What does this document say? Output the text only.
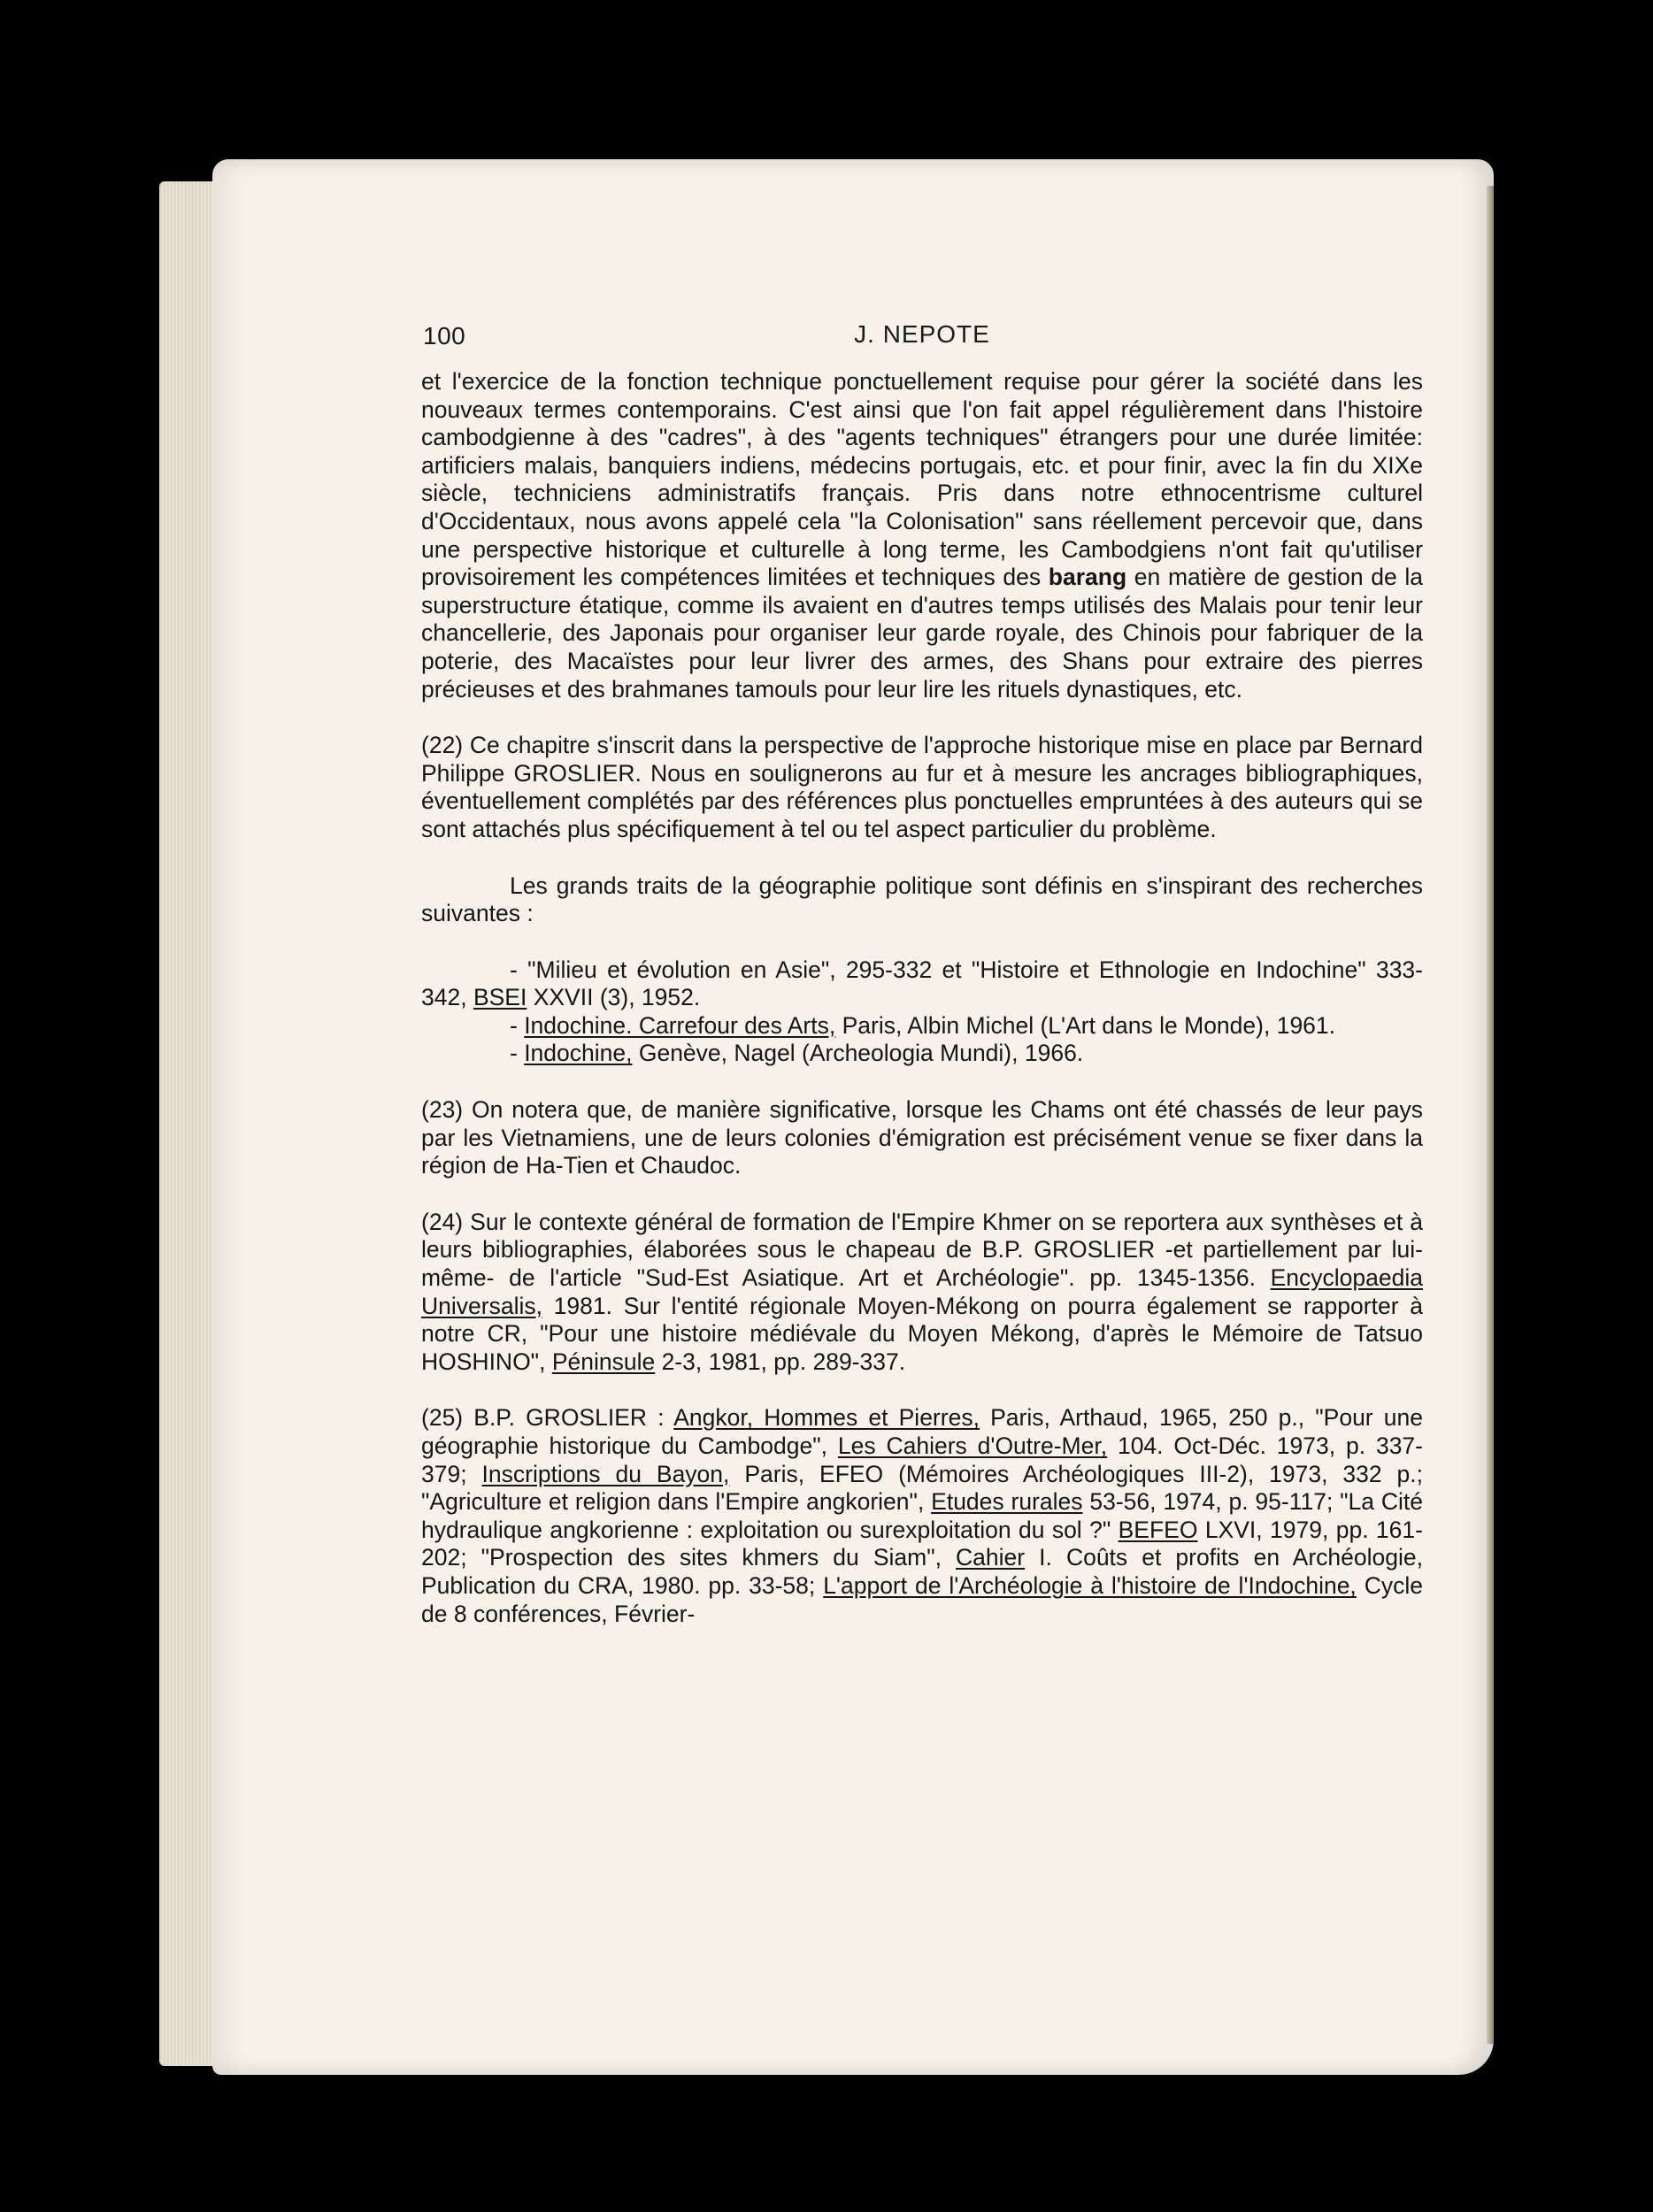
100	J. NEPOTE

et l'exercice de la fonction technique ponctuellement requise pour gérer la société dans les nouveaux termes contemporains. C'est ainsi que l'on fait appel régulièrement dans l'histoire cambodgienne à des "cadres", à des "agents techniques" étrangers pour une durée limitée: artificiers malais, banquiers indiens, médecins portugais, etc. et pour finir, avec la fin du XIXe siècle, techniciens administratifs français. Pris dans notre ethnocentrisme culturel d'Occidentaux, nous avons appelé cela "la Colonisation" sans réellement percevoir que, dans une perspective historique et culturelle à long terme, les Cambodgiens n'ont fait qu'utiliser provisoirement les compétences limitées et techniques des barang en matière de gestion de la superstructure étatique, comme ils avaient en d'autres temps utilisés des Malais pour tenir leur chancellerie, des Japonais pour organiser leur garde royale, des Chinois pour fabriquer de la poterie, des Macaïstes pour leur livrer des armes, des Shans pour extraire des pierres précieuses et des brahmanes tamouls pour leur lire les rituels dynastiques, etc.

(22) Ce chapitre s'inscrit dans la perspective de l'approche historique mise en place par Bernard Philippe GROSLIER. Nous en soulignerons au fur et à mesure les ancrages bibliographiques, éventuellement complétés par des références plus ponctuelles empruntées à des auteurs qui se sont attachés plus spécifiquement à tel ou tel aspect particulier du problème.

Les grands traits de la géographie politique sont définis en s'inspirant des recherches suivantes :

- "Milieu et évolution en Asie", 295-332 et "Histoire et Ethnologie en Indochine" 333-342, BSEI XXVII (3), 1952.

- Indochine. Carrefour des Arts, Paris, Albin Michel (L'Art dans le Monde), 1961.

- Indochine, Genève, Nagel (Archeologia Mundi), 1966.

(23) On notera que, de manière significative, lorsque les Chams ont été chassés de leur pays par les Vietnamiens, une de leurs colonies d'émigration est précisément venue se fixer dans la région de Ha-Tien et Chaudoc.

(24) Sur le contexte général de formation de l'Empire Khmer on se reportera aux synthèses et à leurs bibliographies, élaborées sous le chapeau de B.P. GROSLIER -et partiellement par lui-même- de l'article "Sud-Est Asiatique. Art et Archéologie". pp. 1345-1356. Encyclopaedia Universalis, 1981. Sur l'entité régionale Moyen-Mékong on pourra également se rapporter à notre CR, "Pour une histoire médiévale du Moyen Mékong, d'après le Mémoire de Tatsuo HOSHINO", Péninsule 2-3, 1981, pp. 289-337.

(25) B.P. GROSLIER : Angkor, Hommes et Pierres, Paris, Arthaud, 1965, 250 p., "Pour une géographie historique du Cambodge", Les Cahiers d'Outre-Mer, 104. Oct-Déc. 1973, p. 337-379; Inscriptions du Bayon, Paris, EFEO (Mémoires Archéologiques III-2), 1973, 332 p.; "Agriculture et religion dans l'Empire angkorien", Etudes rurales 53-56, 1974, p. 95-117; "La Cité hydraulique angkorienne : exploitation ou surexploitation du sol ?" BEFEO LXVI, 1979, pp. 161-202; "Prospection des sites khmers du Siam", Cahier I. Coûts et profits en Archéologie, Publication du CRA, 1980. pp. 33-58; L'apport de l'Archéologie à l'histoire de l'Indochine, Cycle de 8 conférences, Février-
